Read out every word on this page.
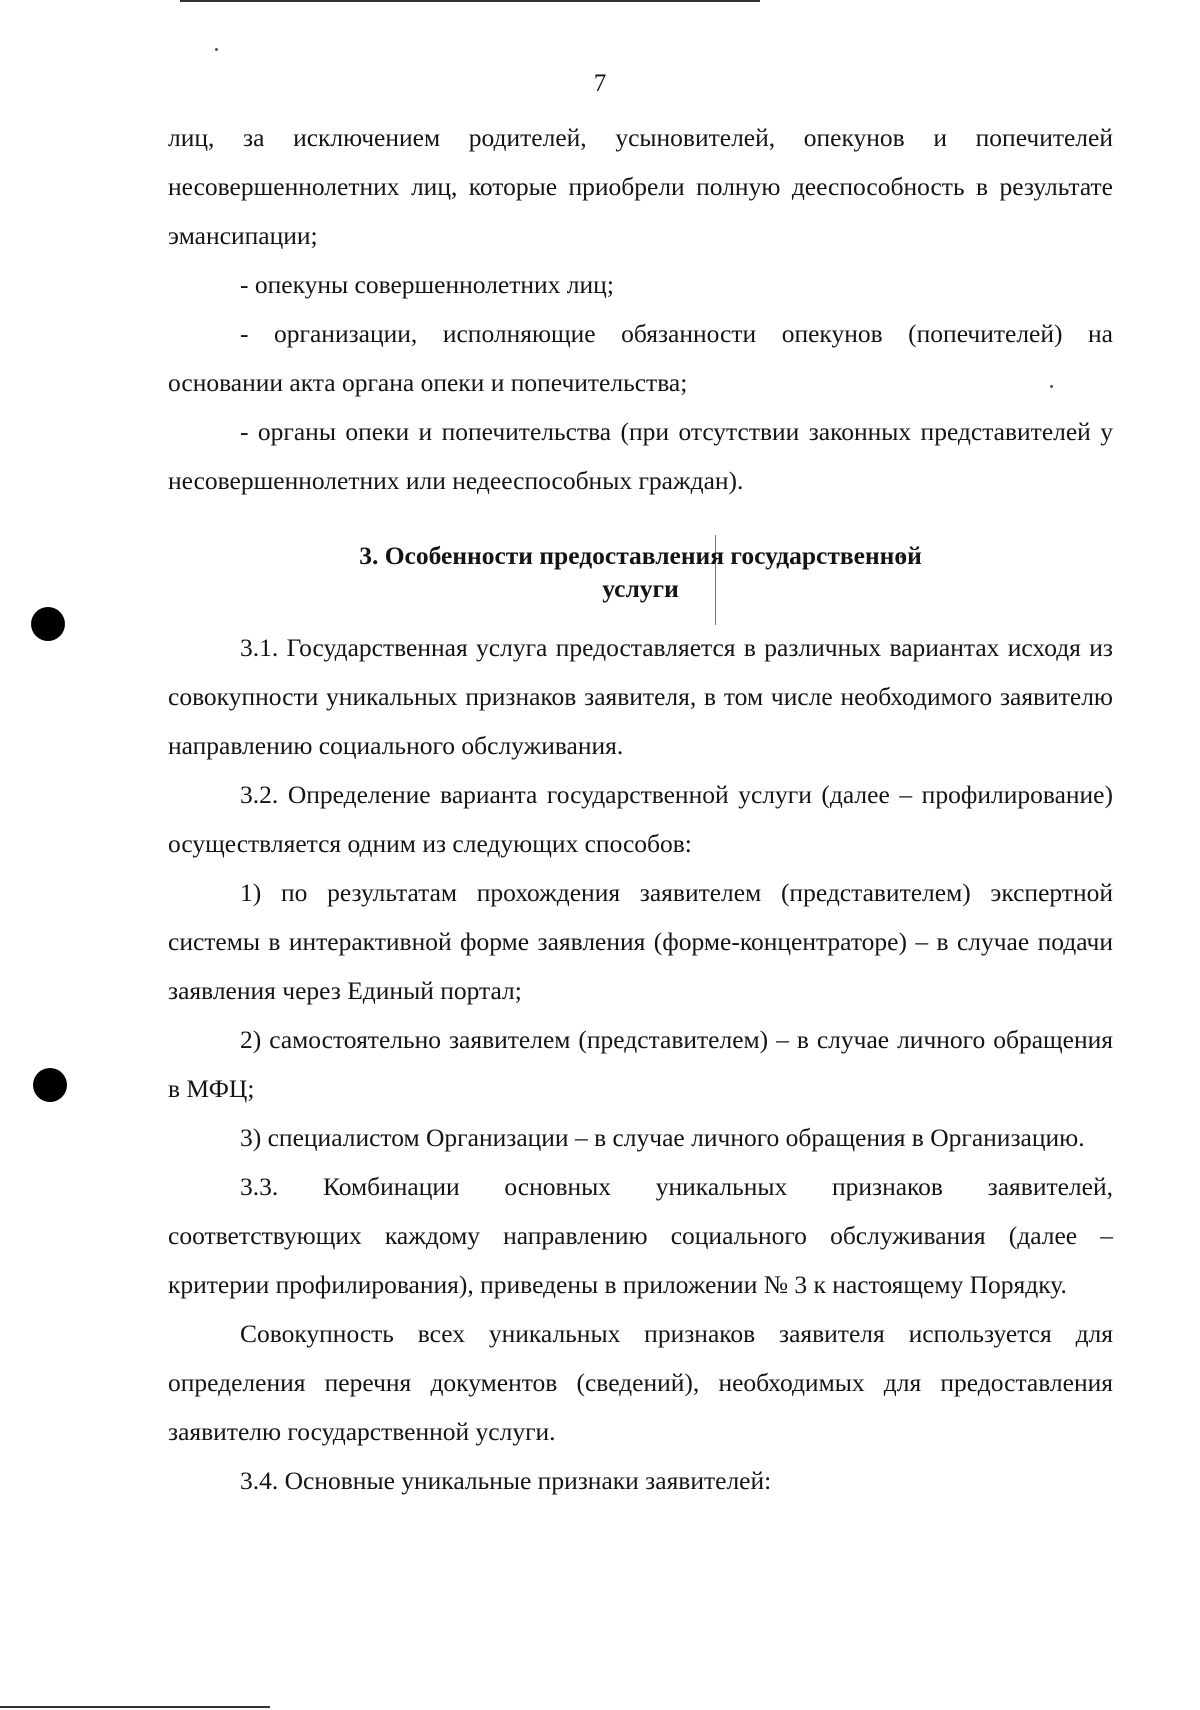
7

лиц, за исключением родителей, усыновителей, опекунов и попечителей несовершеннолетних лиц, которые приобрели полную дееспособность в результате эмансипации;

- опекуны совершеннолетних лиц;

- организации, исполняющие обязанности опекунов (попечителей) на основании акта органа опеки и попечительства;

- органы опеки и попечительства (при отсутствии законных представителей у несовершеннолетних или недееспособных граждан).

3. Особенности предоставления государственной
услуги

3.1. Государственная услуга предоставляется в различных вариантах исходя из совокупности уникальных признаков заявителя, в том числе необходимого заявителю направлению социального обслуживания.

3.2. Определение варианта государственной услуги (далее – профилирование) осуществляется одним из следующих способов:

1) по результатам прохождения заявителем (представителем) экспертной системы в интерактивной форме заявления (форме-концентраторе) – в случае подачи заявления через Единый портал;

2) самостоятельно заявителем (представителем) – в случае личного обращения в МФЦ;

3) специалистом Организации – в случае личного обращения в Организацию.

3.3. Комбинации основных уникальных признаков заявителей, соответствующих каждому направлению социального обслуживания (далее – критерии профилирования), приведены в приложении № 3 к настоящему Порядку.

Совокупность всех уникальных признаков заявителя используется для определения перечня документов (сведений), необходимых для предоставления заявителю государственной услуги.

3.4. Основные уникальные признаки заявителей:
